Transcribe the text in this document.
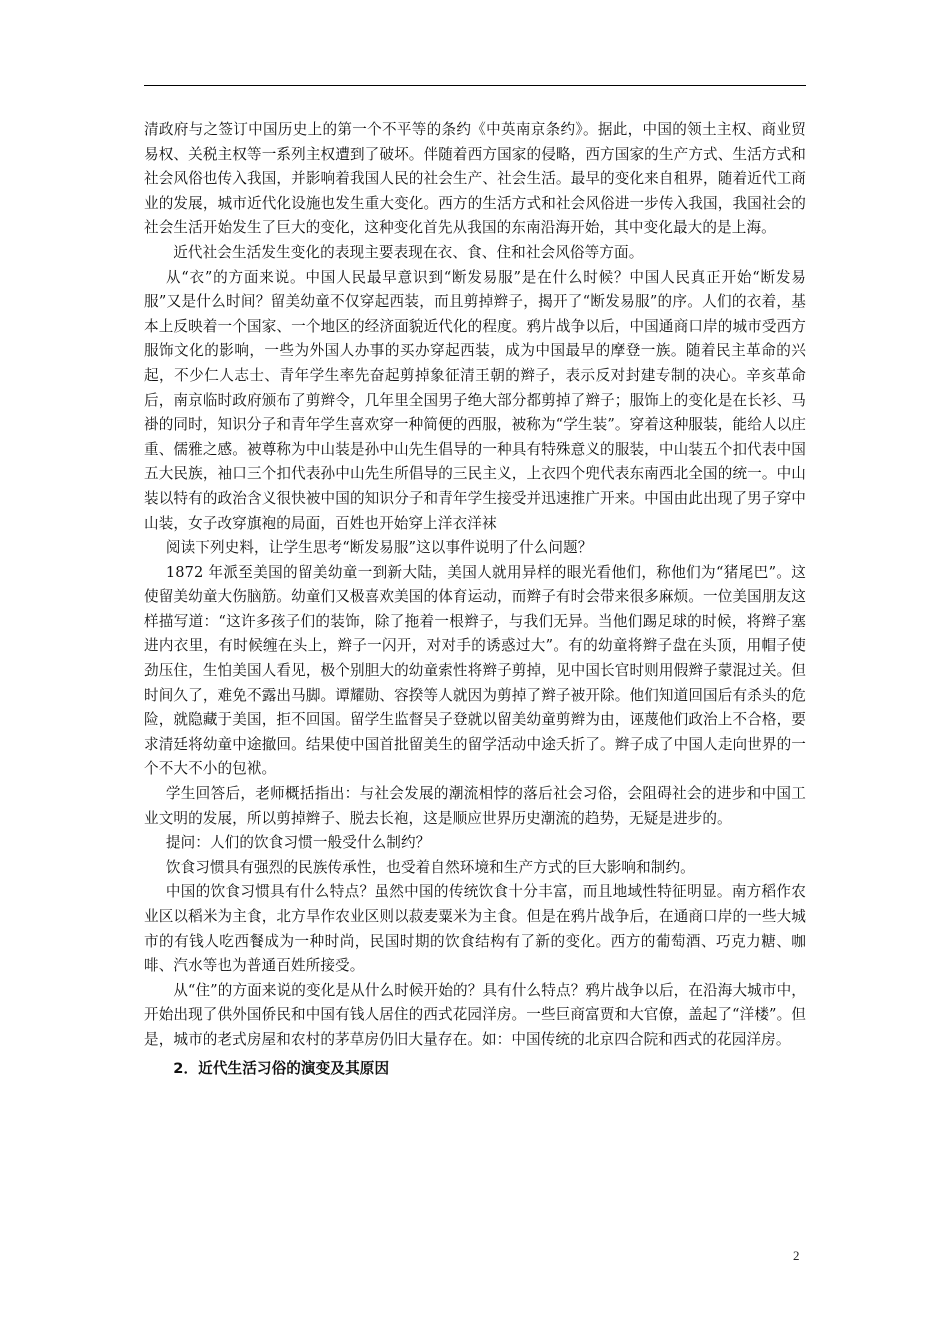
清政府与之签订中国历史上的第一个不平等的条约《中英南京条约》。据此，中国的领土主权、商业贸易权、关税主权等一系列主权遭到了破坏。伴随着西方国家的侵略，西方国家的生产方式、生活方式和社会风俗也传入我国，并影响着我国人民的社会生产、社会生活。最早的变化来自租界，随着近代工商业的发展，城市近代化设施也发生重大变化。西方的生活方式和社会风俗进一步传入我国，我国社会的社会生活开始发生了巨大的变化，这种变化首先从我国的东南沿海开始，其中变化最大的是上海。

近代社会生活发生变化的表现主要表现在衣、食、住和社会风俗等方面。

从“衣”的方面来说。中国人民最早意识到“断发易服”是在什么时候？中国人民真正开始“断发易服”又是什么时间？留美幼童不仅穿起西装，而且剪掉辫子，揭开了“断发易服”的序。人们的衣着，基本上反映着一个国家、一个地区的经济面貌近代化的程度。鸦片战争以后，中国通商口岸的城市受西方服饰文化的影响，一些为外国人办事的买办穿起西装，成为中国最早的摩登一族。随着民主革命的兴起，不少仁人志士、青年学生率先奋起剪掉象征清王朝的辫子，表示反对封建专制的决心。辛亥革命后，南京临时政府颁布了剪辫令，几年里全国男子绝大部分都剪掉了辫子；服饰上的变化是在长衫、马褂的同时，知识分子和青年学生喜欢穿一种简便的西服，被称为“学生装”。穿着这种服装，能给人以庄重、儒雅之感。被尊称为中山装是孙中山先生倡导的一种具有特殊意义的服装，中山装五个扣代表中国五大民族，袖口三个扣代表孙中山先生所倡导的三民主义，上衣四个兜代表东南西北全国的统一。中山装以特有的政治含义很快被中国的知识分子和青年学生接受并迅速推广开来。中国由此出现了男子穿中山装，女子改穿旗袍的局面，百姓也开始穿上洋衣洋袜

阅读下列史料，让学生思考“断发易服”这以事件说明了什么问题？

1872 年派至美国的留美幼童一到新大陆，美国人就用异样的眼光看他们，称他们为“猪尾巴”。这使留美幼童大伤脑筋。幼童们又极喜欢美国的体育运动，而辫子有时会带来很多麻烦。一位美国朋友这样描写道：“这许多孩子们的装饰，除了拖着一根辫子，与我们无异。当他们踢足球的时候，将辫子塞进内衣里，有时候缠在头上，辫子一闪开，对对手的诱惑过大”。有的幼童将辫子盘在头顶，用帽子使劲压住，生怕美国人看见，极个别胆大的幼童索性将辫子剪掉，见中国长官时则用假辫子蒙混过关。但时间久了，难免不露出马脚。谭耀勋、容揆等人就因为剪掉了辫子被开除。他们知道回国后有杀头的危险，就隐藏于美国，拒不回国。留学生监督吴子登就以留美幼童剪辫为由，诬蔑他们政治上不合格，要求清廷将幼童中途撤回。结果使中国首批留美生的留学活动中途夭折了。辫子成了中国人走向世界的一个不大不小的包袱。

学生回答后，老师概括指出：与社会发展的潮流相悖的落后社会习俗，会阻碍社会的进步和中国工业文明的发展，所以剪掉辫子、脱去长袍，这是顺应世界历史潮流的趋势，无疑是进步的。

提问：人们的饮食习惯一般受什么制约？

饮食习惯具有强烈的民族传承性，也受着自然环境和生产方式的巨大影响和制约。

中国的饮食习惯具有什么特点？虽然中国的传统饮食十分丰富，而且地域性特征明显。南方稻作农业区以稻米为主食，北方旱作农业区则以菽麦粟米为主食。但是在鸦片战争后，在通商口岸的一些大城市的有钱人吃西餐成为一种时尚，民国时期的饮食结构有了新的变化。西方的葡萄酒、巧克力糖、咖啡、汽水等也为普通百姓所接受。

从“住”的方面来说的变化是从什么时候开始的？具有什么特点？鸦片战争以后，在沿海大城市中，开始出现了供外国侨民和中国有钱人居住的西式花园洋房。一些巨商富贾和大官僚，盖起了“洋楼”。但是，城市的老式房屋和农村的茅草房仍旧大量存在。如：中国传统的北京四合院和西式的花园洋房。

2．近代生活习俗的演变及其原因

2
